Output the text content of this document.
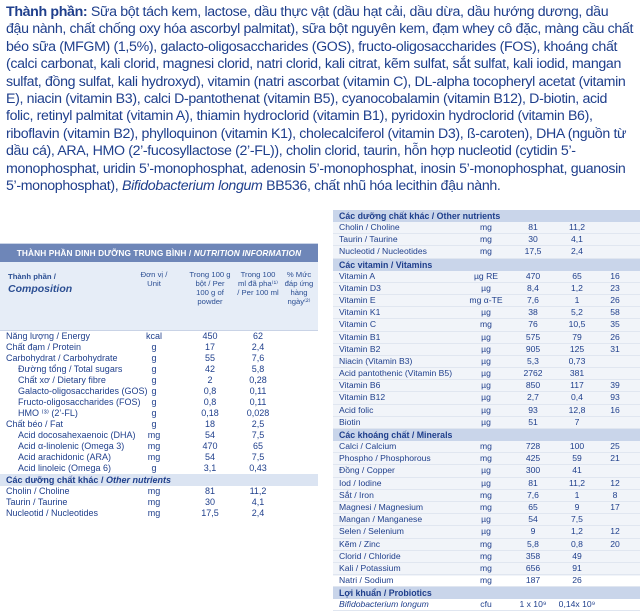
Thành phần: Sữa bột tách kem, lactose, dầu thực vật (dầu hạt cải, dầu dừa, dầu hướng dương, dầu đậu nành, chất chống oxy hóa ascorbyl palmitat), sữa bột nguyên kem, đạm whey cô đặc, màng cầu chất béo sữa (MFGM) (1,5%), galacto-oligosaccharides (GOS), fructo-oligosaccharides (FOS), khoáng chất (calci carbonat, kali clorid, magnesi clorid, natri clorid, kali citrat, kẽm sulfat, sắt sulfat, kali iodid, mangan sulfat, đồng sulfat, kali hydroxyd), vitamin (natri ascorbat (vitamin C), DL-alpha tocopheryl acetat (vitamin E), niacin (vitamin B3), calci D-pantothenat (vitamin B5), cyanocobalamin (vitamin B12), D-biotin, acid folic, retinyl palmitat (vitamin A), thiamin hydroclorid (vitamin B1), pyridoxin hydroclorid (vitamin B6), riboflavin (vitamin B2), phylloquinon (vitamin K1), cholecalciferol (vitamin D3), ß-caroten), DHA (nguồn từ dầu cá), ARA, HMO (2’-fucosyllactose (2’-FL)), cholin clorid, taurin, hỗn hợp nucleotid (cytidin 5’-monophosphat, uridin 5’-monophosphat, adenosin 5’-monophosphat, inosin 5’-monophosphat, guanosin 5’-monophosphat), Bifidobacterium longum BB536, chất nhũ hóa lecithin đậu nành.

THÀNH PHẦN DINH DƯỠNG TRUNG BÌNH / NUTRITION INFORMATION
Thành phần /
Composition
Đơn vị / Unit
Trong 100 g bột / Per 100 g of powder
Trong 100 ml đã pha⁽¹⁾ / Per 100 ml
% Mức đáp ứng hàng ngày⁽²⁾
Năng lượng / Energy	kcal	450	62
Chất đạm / Protein	g	17	2,4
Carbohydrat / Carbohydrate	g	55	7,6
Đường tổng / Total sugars	g	42	5,8
Chất xơ / Dietary fibre	g	2	0,28
Galacto-oligosaccharides (GOS) g	0,8	0,11
Fructo-oligosaccharides (FOS)	g	0,8	0,11
HMO ⁽³⁾ (2’-FL)	g	0,18	0,028
Chất béo / Fat	g	18	2,5
Acid docosahexaenoic (DHA)	mg	54	7,5
Acid α-linolenic (Omega 3)	mg	470	65
Acid arachidonic (ARA)	mg	54	7,5
Acid linoleic (Omega 6)	g	3,1	0,43
Các dưỡng chất khác / Other nutrients
Cholin / Choline	mg	81	11,2
Taurin / Taurine	mg	30	4,1
Nucleotid / Nucleotides	mg	17,5	2,4
Các dưỡng chất khác / Other nutrients
Cholin / Choline	mg	81	11,2
Taurin / Taurine	mg	30	4,1
Nucleotid / Nucleotides	mg	17,5	2,4
Các vitamin / Vitamins
Vitamin A	µg RE	470	65	16
Vitamin D3	µg	8,4	1,2	23
Vitamin E	mg α-TE	7,6	1	26
Vitamin K1	µg	38	5,2	58
Vitamin C	mg	76	10,5	35
Vitamin B1	µg	575	79	26
Vitamin B2	µg	905	125	31
Niacin (Vitamin B3)	µg	5,3	0,73
Acid pantothenic (Vitamin B5)	µg	2762	381
Vitamin B6	µg	850	117	39
Vitamin B12	µg	2,7	0,4	93
Acid folic	µg	93	12,8	16
Biotin	µg	51	7
Các khoáng chất / Minerals
Calci / Calcium	mg	728	100	25
Phospho / Phosphorous	mg	425	59	21
Đồng / Copper	µg	300	41
Iod / Iodine	µg	81	11,2	12
Sắt / Iron	mg	7,6	1	8
Magnesi / Magnesium	mg	65	9	17
Mangan / Manganese	µg	54	7,5
Selen / Selenium	µg	9	1,2	12
Kẽm / Zinc	mg	5,8	0,8	20
Clorid / Chloride	mg	358	49
Kali / Potassium	mg	656	91
Natri / Sodium	mg	187	26
Lợi khuẩn / Probiotics
Bifidobacterium longum	cfu	1 x 10⁹	0,14x 10⁹
